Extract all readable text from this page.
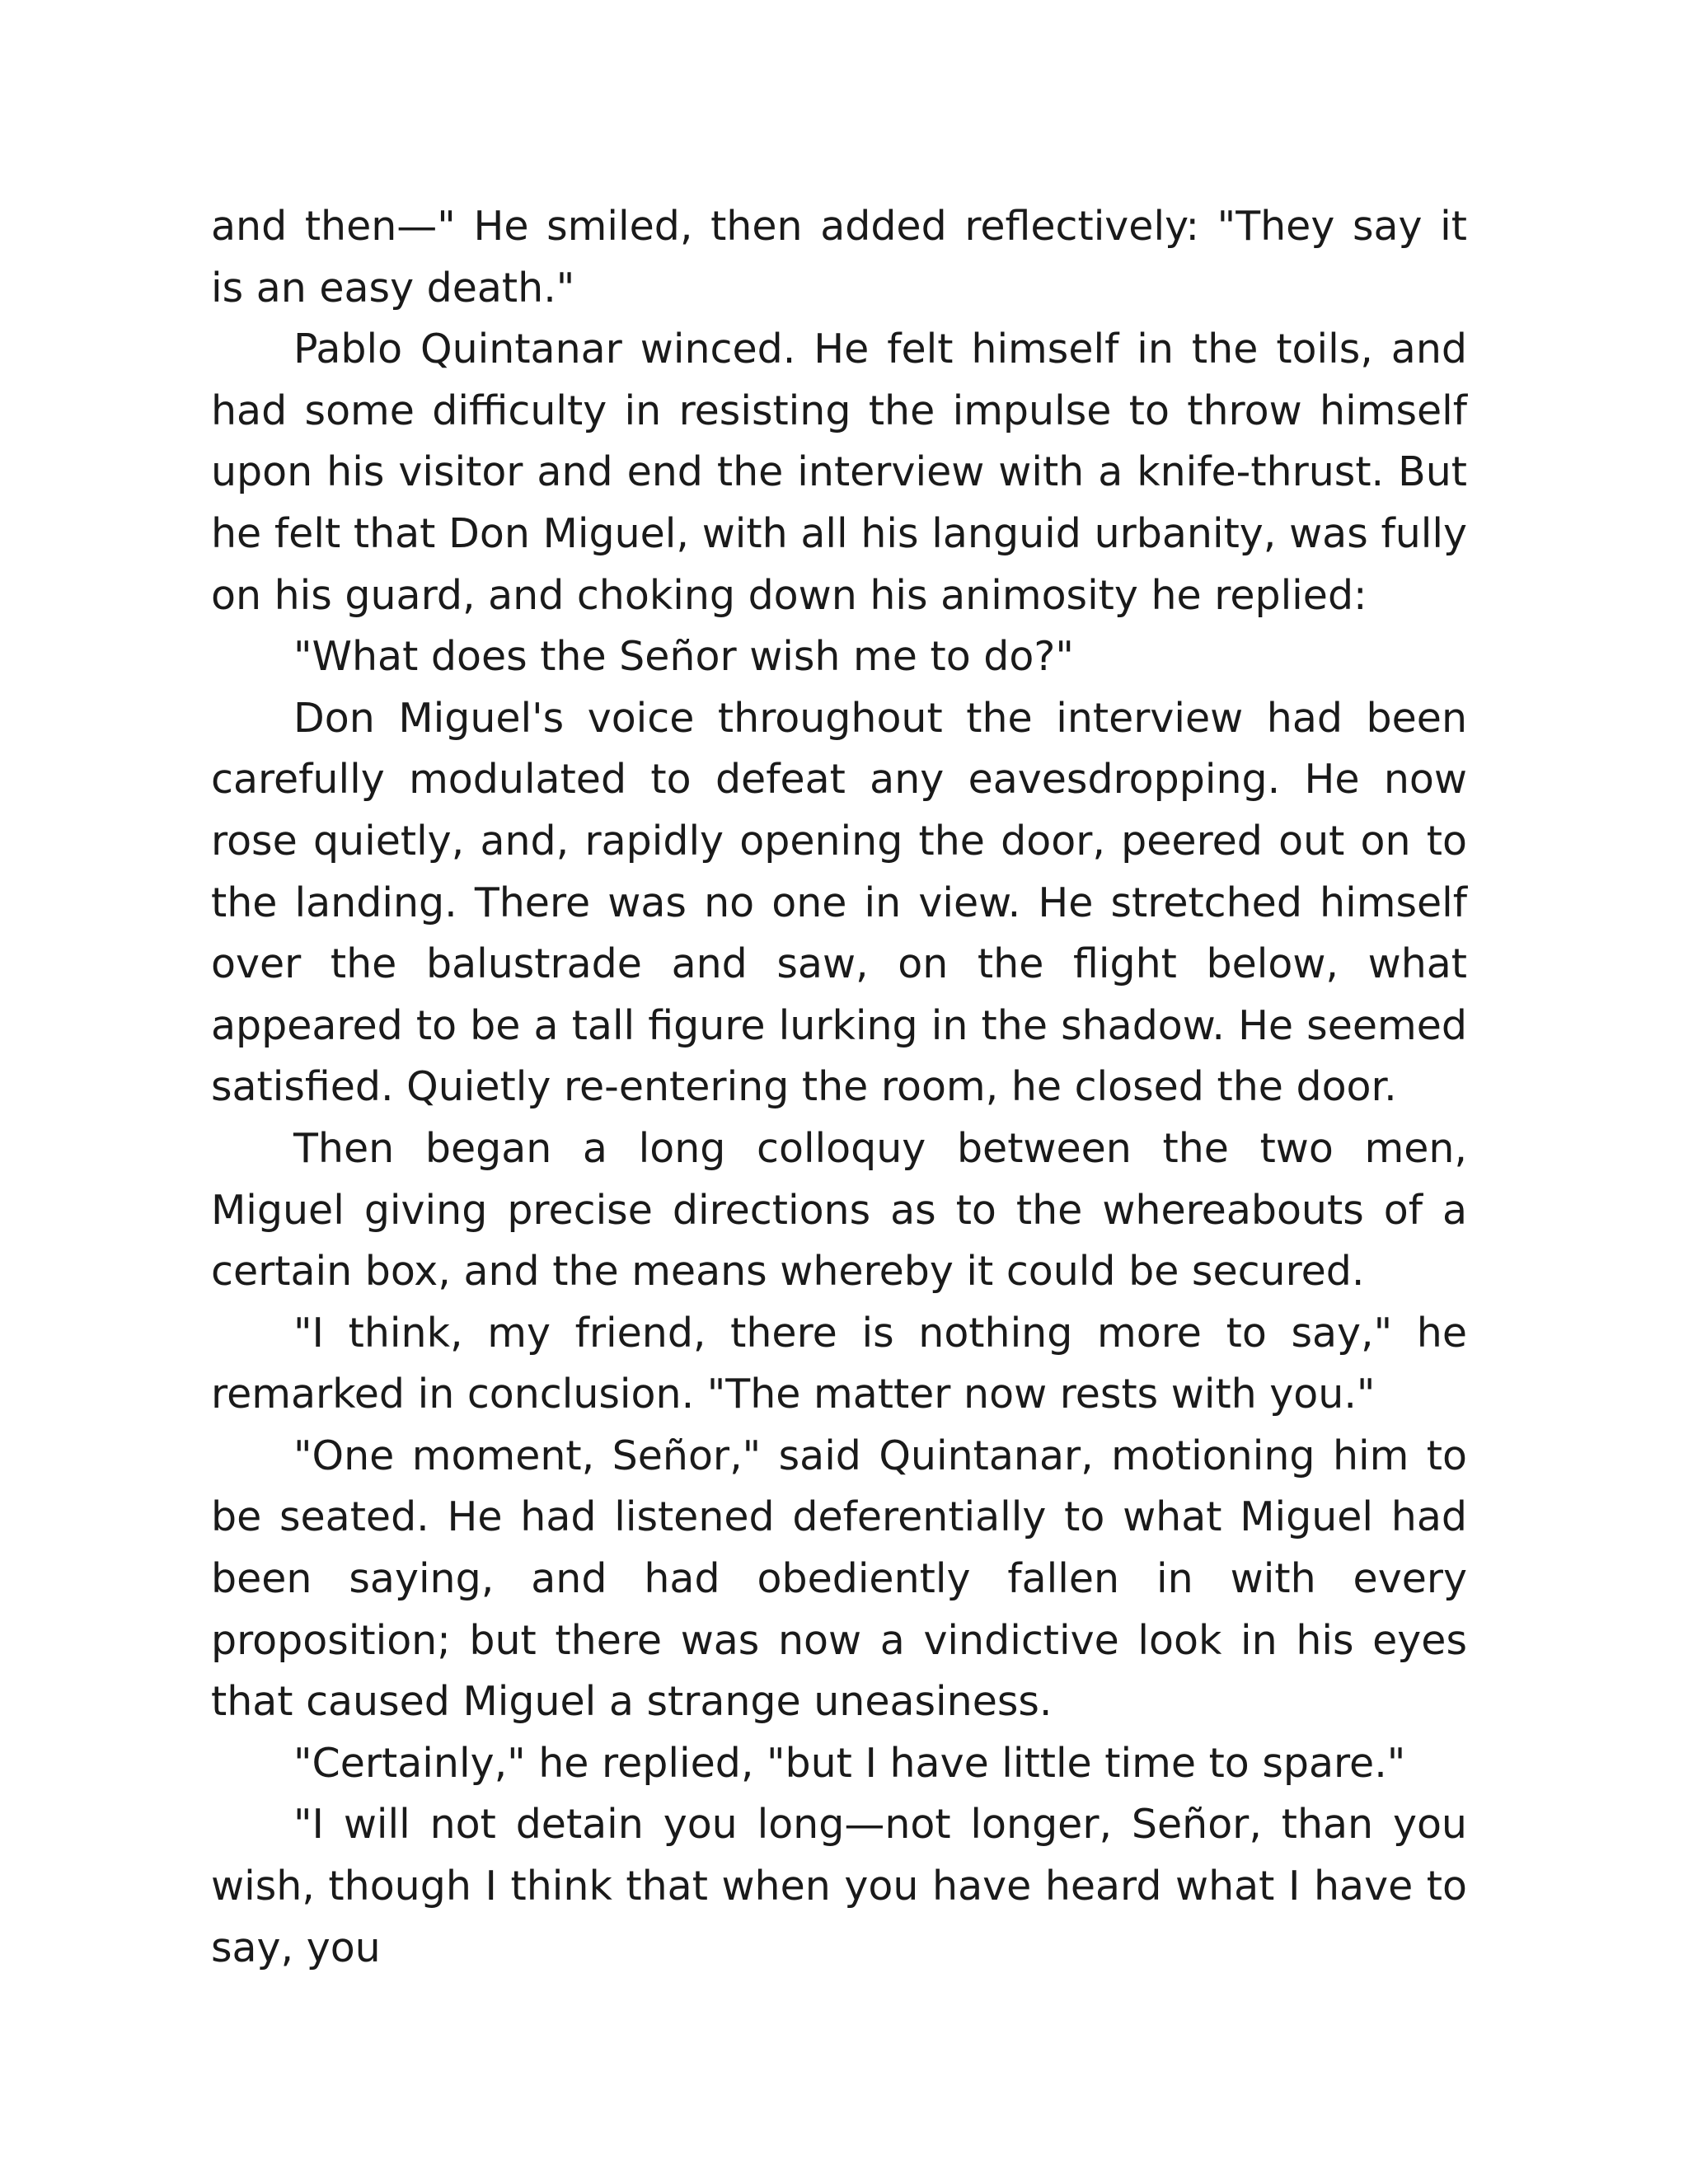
and then—" He smiled, then added reflectively: "They say it is an easy death."

Pablo Quintanar winced. He felt himself in the toils, and had some difficulty in resisting the impulse to throw himself upon his visitor and end the interview with a knife-thrust. But he felt that Don Miguel, with all his languid urbanity, was fully on his guard, and choking down his animosity he replied:

"What does the Señor wish me to do?"

Don Miguel's voice throughout the interview had been carefully modulated to defeat any eavesdropping. He now rose quietly, and, rapidly opening the door, peered out on to the landing. There was no one in view. He stretched himself over the balustrade and saw, on the flight below, what appeared to be a tall figure lurking in the shadow. He seemed satisfied. Quietly re-entering the room, he closed the door.

Then began a long colloquy between the two men, Miguel giving precise directions as to the whereabouts of a certain box, and the means whereby it could be secured.

"I think, my friend, there is nothing more to say," he remarked in conclusion. "The matter now rests with you."

"One moment, Señor," said Quintanar, motioning him to be seated. He had listened deferentially to what Miguel had been saying, and had obediently fallen in with every proposition; but there was now a vindictive look in his eyes that caused Miguel a strange uneasiness.

"Certainly," he replied, "but I have little time to spare."

"I will not detain you long—not longer, Señor, than you wish, though I think that when you have heard what I have to say, you
